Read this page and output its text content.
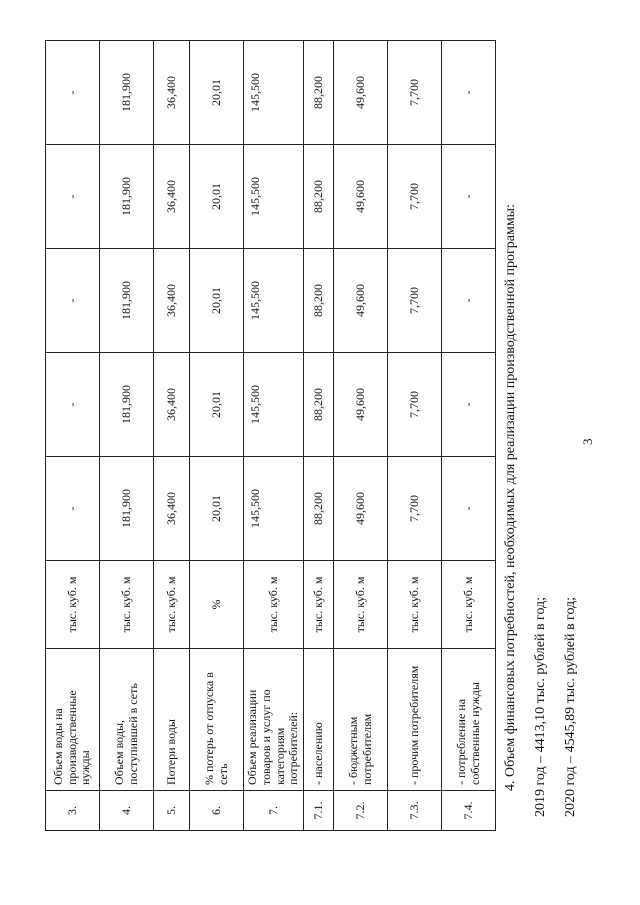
3
3.	Объем воды на производственные нужды	тыс. куб. м	-	-	-	-	-
4.	Объем воды, поступившей в сеть	тыс. куб. м	181,900	181,900	181,900	181,900	181,900
5.	Потери воды	тыс. куб. м	36,400	36,400	36,400	36,400	36,400
6.	% потерь от отпуска в сеть	%	20,01	20,01	20,01	20,01	20,01
7.	Объем реализации товаров и услуг по категориям потребителей:	тыс. куб. м	145,500	145,500	145,500	145,500	145,500
7.1.	- населению	тыс. куб. м	88,200	88,200	88,200	88,200	88,200
7.2.	- бюджетным потребителям	тыс. куб. м	49,600	49,600	49,600	49,600	49,600
7.3.	- прочим потребителям	тыс. куб. м	7,700	7,700	7,700	7,700	7,700
7.4.	- потребление на собственные нужды	тыс. куб. м	-	-	-	-	-

4. Объем финансовых потребностей, необходимых для реализации производственной программы: 2019 год – 4413,10 тыс. рублей в год; 2020 год – 4545,89 тыс. рублей в год;
